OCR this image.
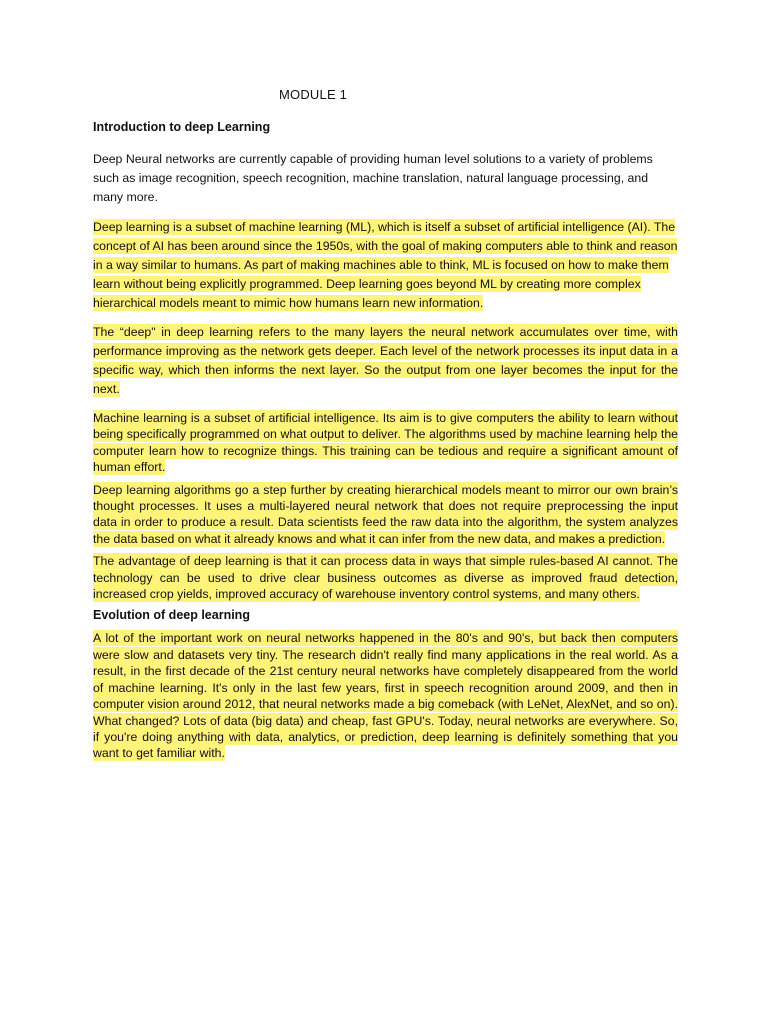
MODULE 1

Introduction to deep Learning

Deep Neural networks are currently capable of providing human level solutions to a variety of problems such as image recognition, speech recognition, machine translation, natural language processing, and many more.

Deep learning is a subset of machine learning (ML), which is itself a subset of artificial intelligence (AI). The concept of AI has been around since the 1950s, with the goal of making computers able to think and reason in a way similar to humans. As part of making machines able to think, ML is focused on how to make them learn without being explicitly programmed. Deep learning goes beyond ML by creating more complex hierarchical models meant to mimic how humans learn new information.

The “deep" in deep learning refers to the many layers the neural network accumulates over time, with performance improving as the network gets deeper. Each level of the network processes its input data in a specific way, which then informs the next layer. So the output from one layer becomes the input for the next.

Machine learning is a subset of artificial intelligence. Its aim is to give computers the ability to learn without being specifically programmed on what output to deliver. The algorithms used by machine learning help the computer learn how to recognize things. This training can be tedious and require a significant amount of human effort.

Deep learning algorithms go a step further by creating hierarchical models meant to mirror our own brain’s thought processes. It uses a multi-layered neural network that does not require preprocessing the input data in order to produce a result. Data scientists feed the raw data into the algorithm, the system analyzes the data based on what it already knows and what it can infer from the new data, and makes a prediction.

The advantage of deep learning is that it can process data in ways that simple rules-based AI cannot. The technology can be used to drive clear business outcomes as diverse as improved fraud detection, increased crop yields, improved accuracy of warehouse inventory control systems, and many others.

Evolution of deep learning

A lot of the important work on neural networks happened in the 80's and 90's, but back then computers were slow and datasets very tiny. The research didn't really find many applications in the real world. As a result, in the first decade of the 21st century neural networks have completely disappeared from the world of machine learning. It's only in the last few years, first in speech recognition around 2009, and then in computer vision around 2012, that neural networks made a big comeback (with LeNet, AlexNet, and so on). What changed? Lots of data (big data) and cheap, fast GPU's. Today, neural networks are everywhere. So, if you're doing anything with data, analytics, or prediction, deep learning is definitely something that you want to get familiar with.
